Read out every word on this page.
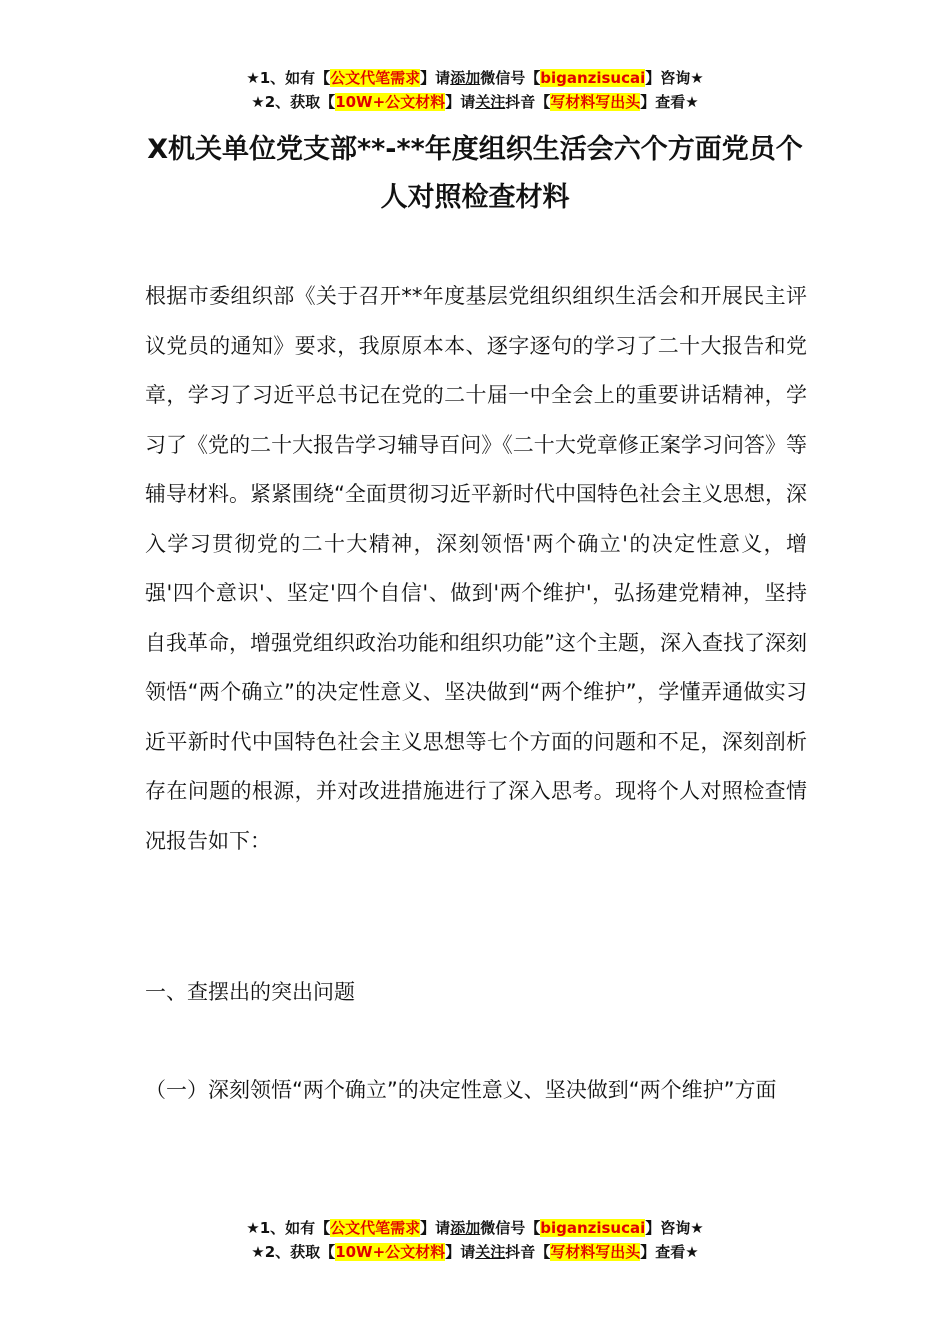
★1、如有【公文代笔需求】请添加微信号【biganzisucai】咨询★
★2、获取【10W+公文材料】请关注抖音【写材料写出头】查看★
X机关单位党支部**-**年度组织生活会六个方面党员个人对照检查材料

根据市委组织部《关于召开**年度基层党组织组织生活会和开展民主评议党员的通知》要求，我原原本本、逐字逐句的学习了二十大报告和党章，学习了习近平总书记在党的二十届一中全会上的重要讲话精神，学习了《党的二十大报告学习辅导百问》《二十大党章修正案学习问答》等辅导材料。紧紧围绕“全面贯彻习近平新时代中国特色社会主义思想，深入学习贯彻党的二十大精神，深刻领悟'两个确立'的决定性意义，增强'四个意识'、坚定'四个自信'、做到'两个维护'，弘扬建党精神，坚持自我革命，增强党组织政治功能和组织功能”这个主题，深入查找了深刻领悟“两个确立”的决定性意义、坚决做到“两个维护”，学懂弄通做实习近平新时代中国特色社会主义思想等七个方面的问题和不足，深刻剖析存在问题的根源，并对改进措施进行了深入思考。现将个人对照检查情况报告如下：

一、查摆出的突出问题

（一）深刻领悟“两个确立”的决定性意义、坚决做到“两个维护”方面

★1、如有【公文代笔需求】请添加微信号【biganzisucai】咨询★
★2、获取【10W+公文材料】请关注抖音【写材料写出头】查看★
